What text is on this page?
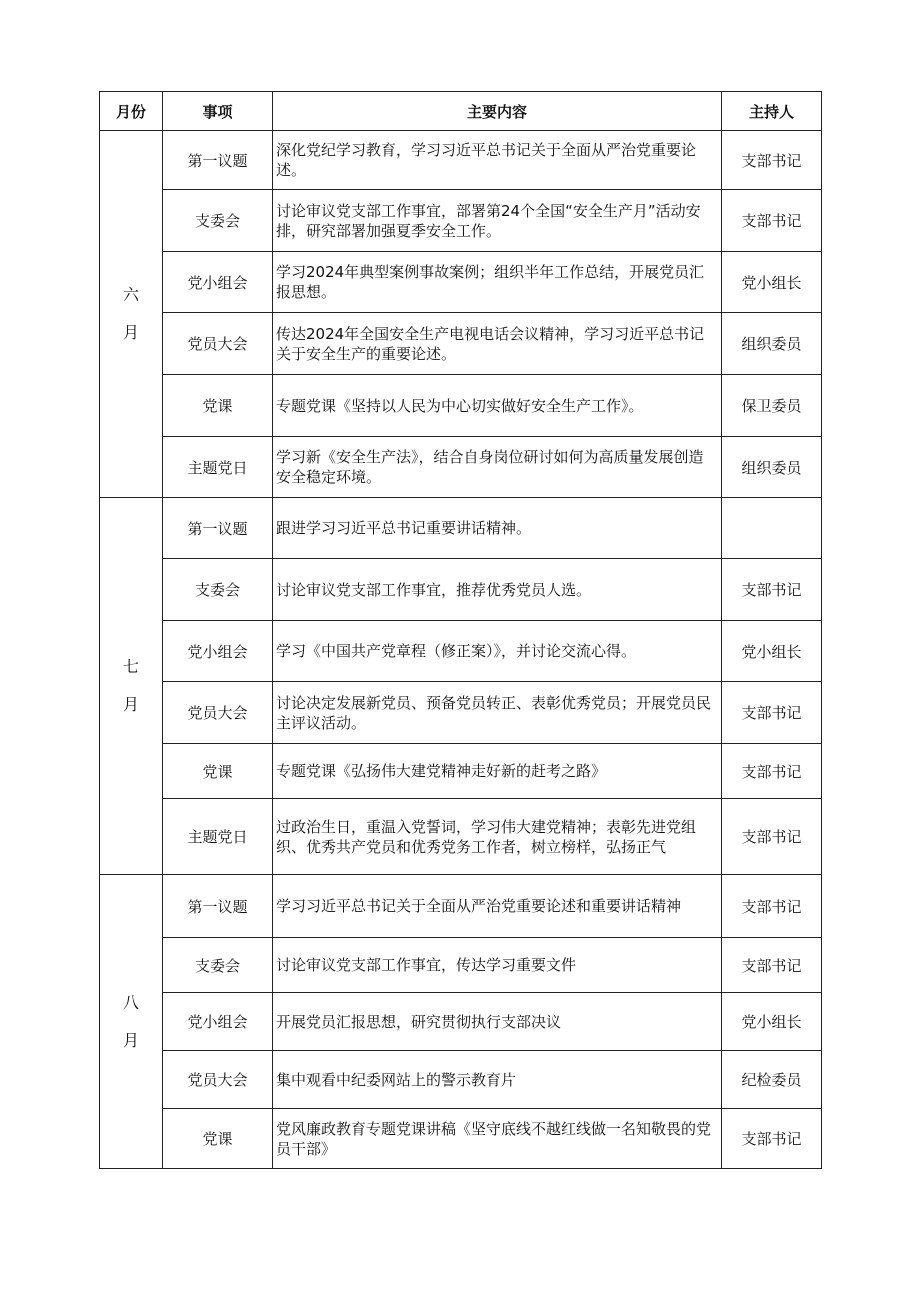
月份	事项	主要内容	主持人

六
月	第一议题	深化党纪学习教育，学习习近平总书记关于全面从严治党重要论述。	支部书记
	支委会	讨论审议党支部工作事宜，部署第24个全国“安全生产月”活动安排，研究部署加强夏季安全工作。	支部书记
	党小组会	学习2024年典型案例事故案例；组织半年工作总结，开展党员汇报思想。	党小组长
	党员大会	传达2024年全国安全生产电视电话会议精神，学习习近平总书记关于安全生产的重要论述。	组织委员
	党课	专题党课《坚持以人民为中心切实做好安全生产工作》。	保卫委员
	主题党日	学习新《安全生产法》，结合自身岗位研讨如何为高质量发展创造安全稳定环境。	组织委员

七
月	第一议题	跟进学习习近平总书记重要讲话精神。	
	支委会	讨论审议党支部工作事宜，推荐优秀党员人选。	支部书记
	党小组会	学习《中国共产党章程（修正案）》，并讨论交流心得。	党小组长
	党员大会	讨论决定发展新党员、预备党员转正、表彰优秀党员；开展党员民主评议活动。	支部书记
	党课	专题党课《弘扬伟大建党精神走好新的赶考之路》	支部书记
	主题党日	过政治生日，重温入党誓词，学习伟大建党精神；表彰先进党组织、优秀共产党员和优秀党务工作者，树立榜样，弘扬正气	支部书记

八
月	第一议题	学习习近平总书记关于全面从严治党重要论述和重要讲话精神	支部书记
	支委会	讨论审议党支部工作事宜，传达学习重要文件	支部书记
	党小组会	开展党员汇报思想，研究贯彻执行支部决议	党小组长
	党员大会	集中观看中纪委网站上的警示教育片	纪检委员
	党课	党风廉政教育专题党课讲稿《坚守底线不越红线做一名知敬畏的党员干部》	支部书记
